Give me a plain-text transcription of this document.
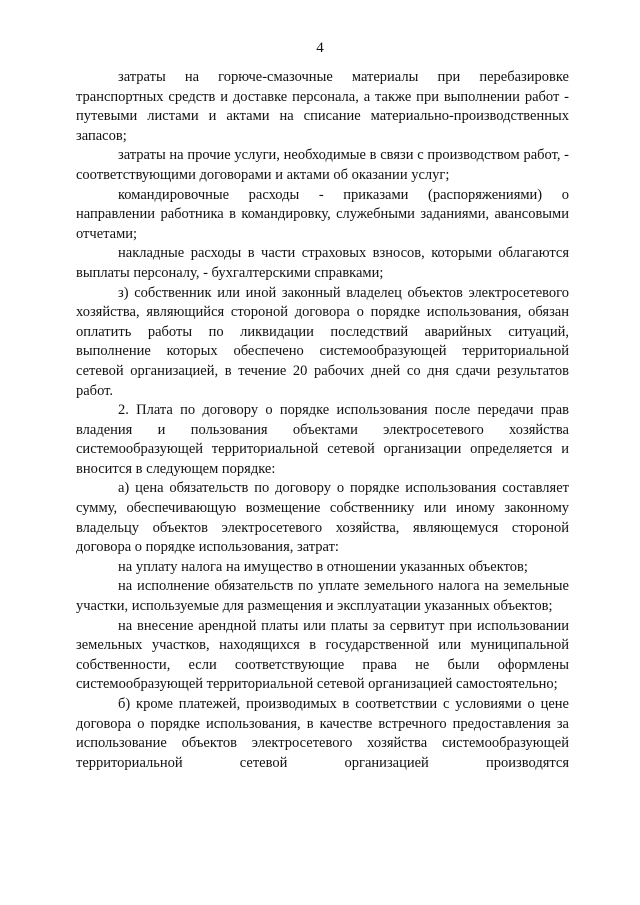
4

затраты на горюче-смазочные материалы при перебазировке транспортных средств и доставке персонала, а также при выполнении работ - путевыми листами и актами на списание материально-производственных запасов;

затраты на прочие услуги, необходимые в связи с производством работ, - соответствующими договорами и актами об оказании услуг;

командировочные расходы - приказами (распоряжениями) о направлении работника в командировку, служебными заданиями, авансовыми отчетами;

накладные расходы в части страховых взносов, которыми облагаются выплаты персоналу, - бухгалтерскими справками;

з) собственник или иной законный владелец объектов электросетевого хозяйства, являющийся стороной договора о порядке использования, обязан оплатить работы по ликвидации последствий аварийных ситуаций, выполнение которых обеспечено системообразующей территориальной сетевой организацией, в течение 20 рабочих дней со дня сдачи результатов работ.

2. Плата по договору о порядке использования после передачи прав владения и пользования объектами электросетевого хозяйства системообразующей территориальной сетевой организации определяется и вносится в следующем порядке:

а) цена обязательств по договору о порядке использования составляет сумму, обеспечивающую возмещение собственнику или иному законному владельцу объектов электросетевого хозяйства, являющемуся стороной договора о порядке использования, затрат:

на уплату налога на имущество в отношении указанных объектов;

на исполнение обязательств по уплате земельного налога на земельные участки, используемые для размещения и эксплуатации указанных объектов;

на внесение арендной платы или платы за сервитут при использовании земельных участков, находящихся в государственной или муниципальной собственности, если соответствующие права не были оформлены системообразующей территориальной сетевой организацией самостоятельно;

б) кроме платежей, производимых в соответствии с условиями о цене договора о порядке использования, в качестве встречного предоставления за использование объектов электросетевого хозяйства системообразующей территориальной сетевой организацией производятся
